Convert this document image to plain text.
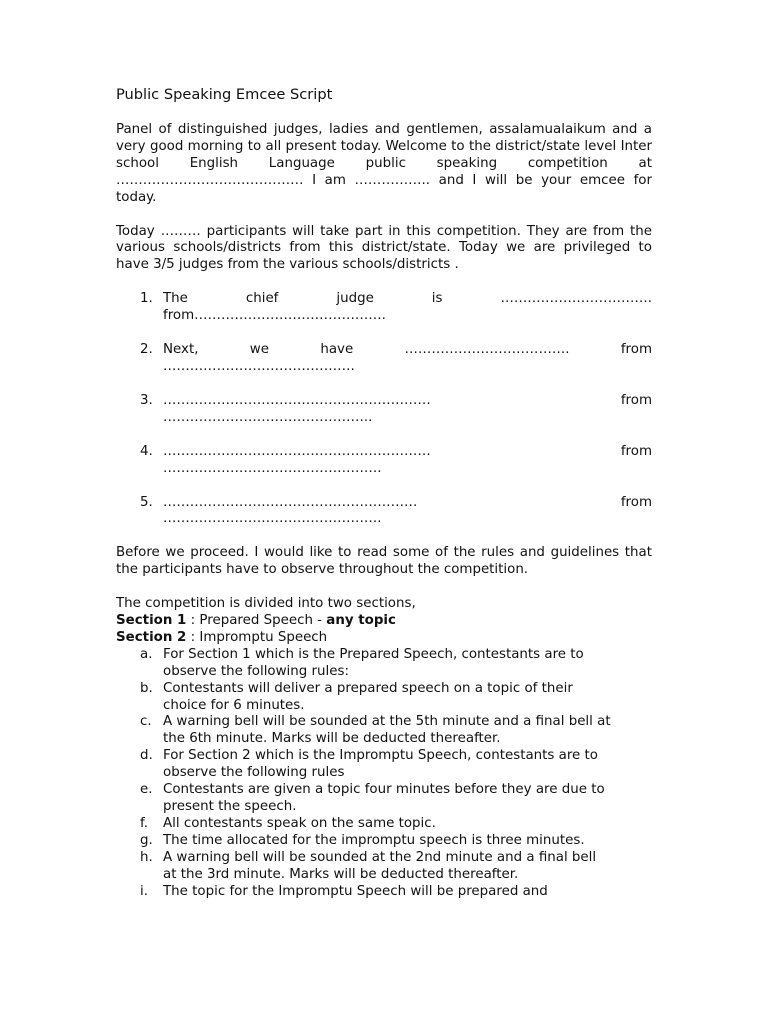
Public Speaking Emcee Script

Panel of distinguished judges, ladies and gentlemen, assalamualaikum and a very good morning to all present today. Welcome to the district/state level Inter school English Language public speaking competition at …………………………………… I am …………….. and I will be your emcee for today.

Today ……… participants will take part in this competition. They are from the various schools/districts from this district/state. Today we are privileged to have 3/5 judges from the various schools/districts .

1. The chief judge is ……………………………. from…………………………………….
2. Next, we have ………………………………. from …………………………………….
3. …………………………………………………… from ………………………………………..
4. …………………………………………………… from ………………………………………….
5. ………………………………………………… from ………………………………………….

Before we proceed. I would like to read some of the rules and guidelines that the participants have to observe throughout the competition.

The competition is divided into two sections,
Section 1 : Prepared Speech - any topic
Section 2 : Impromptu Speech
a. For Section 1 which is the Prepared Speech, contestants are to observe the following rules:
b. Contestants will deliver a prepared speech on a topic of their choice for 6 minutes.
c. A warning bell will be sounded at the 5th minute and a final bell at the 6th minute. Marks will be deducted thereafter.
d. For Section 2 which is the Impromptu Speech, contestants are to observe the following rules
e. Contestants are given a topic four minutes before they are due to present the speech.
f. All contestants speak on the same topic.
g. The time allocated for the impromptu speech is three minutes.
h. A warning bell will be sounded at the 2nd minute and a final bell at the 3rd minute. Marks will be deducted thereafter.
i. The topic for the Impromptu Speech will be prepared and
